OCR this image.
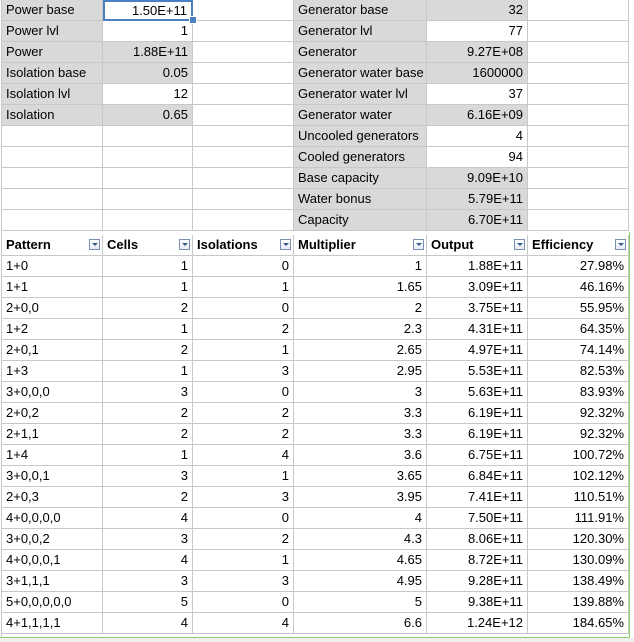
Power base	1.50E+11	Generator base	32
Power lvl	1	Generator lvl	77
Power	1.88E+11	Generator	9.27E+08
Isolation base	0.05	Generator water base	1600000
Isolation lvl	12	Generator water lvl	37
Isolation	0.65	Generator water	6.16E+09
Uncooled generators	4
Cooled generators	94
Base capacity	9.09E+10
Water bonus	5.79E+11
Capacity	6.70E+11
Pattern	Cells	Isolations	Multiplier	Output	Efficiency
1+0	1	0	1	1.88E+11	27.98%
1+1	1	1	1.65	3.09E+11	46.16%
2+0,0	2	0	2	3.75E+11	55.95%
1+2	1	2	2.3	4.31E+11	64.35%
2+0,1	2	1	2.65	4.97E+11	74.14%
1+3	1	3	2.95	5.53E+11	82.53%
3+0,0,0	3	0	3	5.63E+11	83.93%
2+0,2	2	2	3.3	6.19E+11	92.32%
2+1,1	2	2	3.3	6.19E+11	92.32%
1+4	1	4	3.6	6.75E+11	100.72%
3+0,0,1	3	1	3.65	6.84E+11	102.12%
2+0,3	2	3	3.95	7.41E+11	110.51%
4+0,0,0,0	4	0	4	7.50E+11	111.91%
3+0,0,2	3	2	4.3	8.06E+11	120.30%
4+0,0,0,1	4	1	4.65	8.72E+11	130.09%
3+1,1,1	3	3	4.95	9.28E+11	138.49%
5+0,0,0,0,0	5	0	5	9.38E+11	139.88%
4+1,1,1,1	4	4	6.6	1.24E+12	184.65%
